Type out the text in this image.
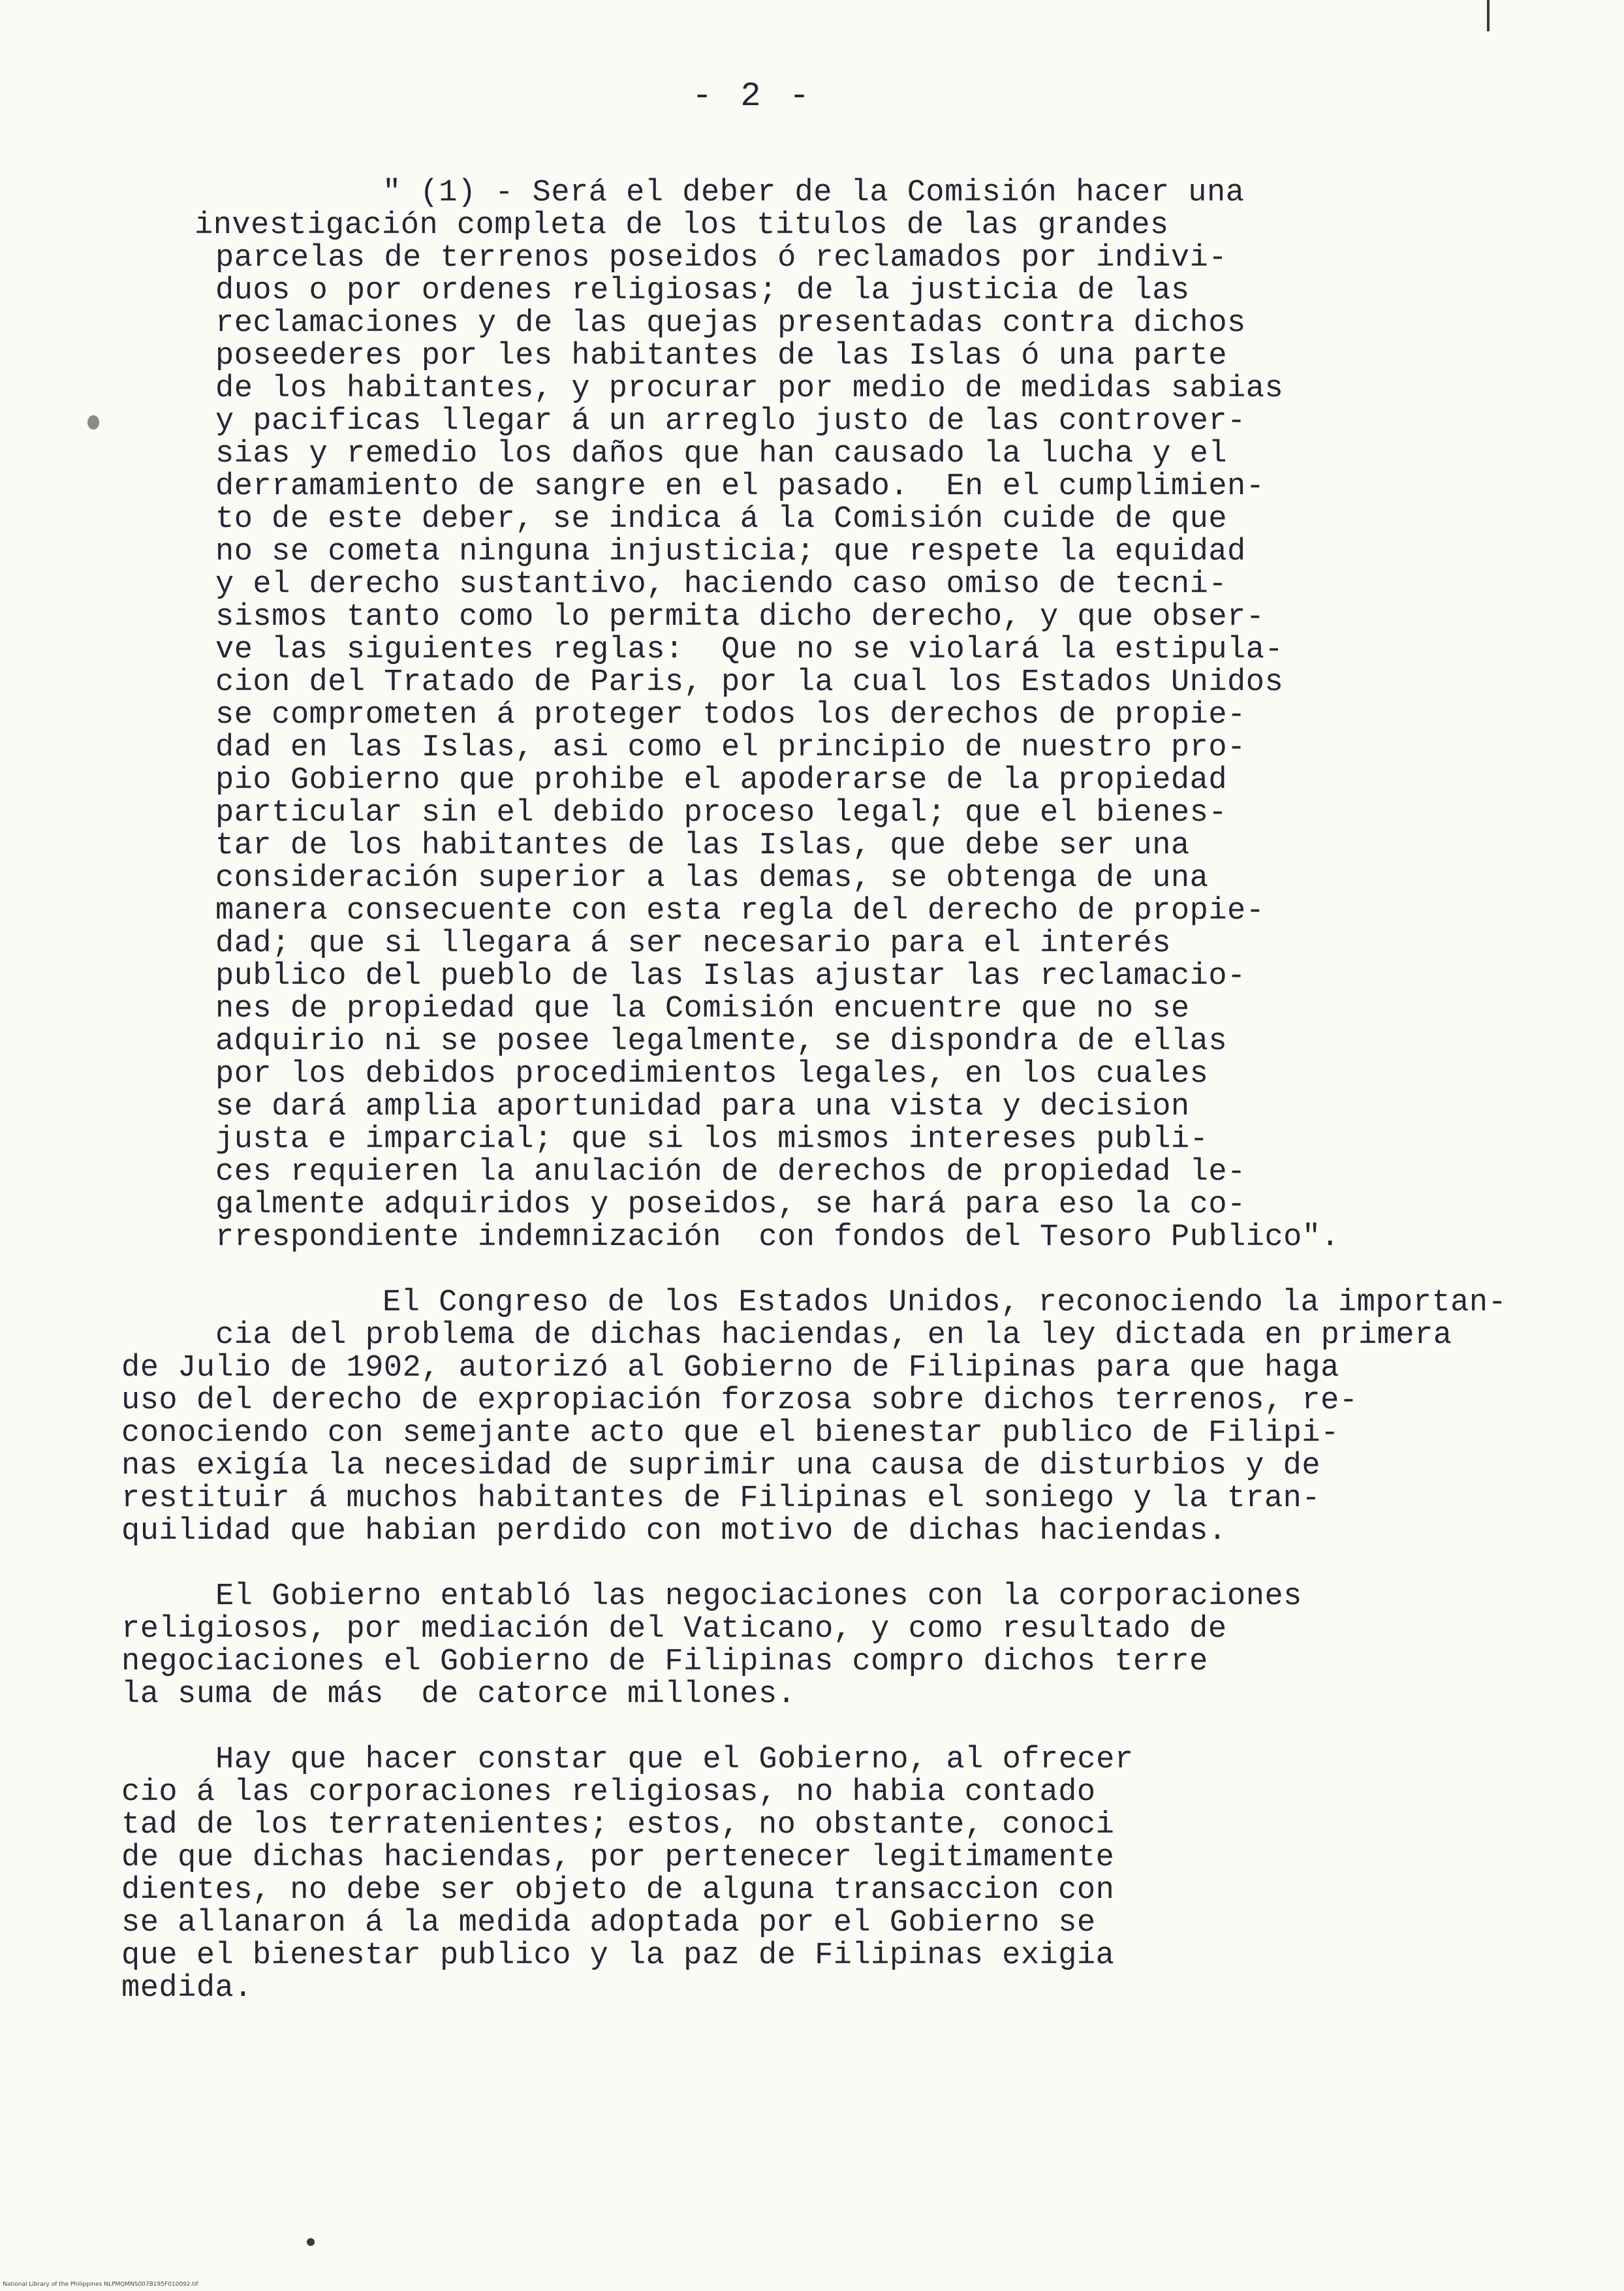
- 2 -
" (1) - Será el deber de la Comisión hacer una
investigación completa de los titulos de las grandes
parcelas de terrenos poseidos ó reclamados por indivi-
duos o por ordenes religiosas; de la justicia de las
reclamaciones y de las quejas presentadas contra dichos
poseederes por les habitantes de las Islas ó una parte
de los habitantes, y procurar por medio de medidas sabias
y pacificas llegar á un arreglo justo de las controver-
sias y remedio los daños que han causado la lucha y el
derramamiento de sangre en el pasado.  En el cumplimien-
to de este deber, se indica á la Comisión cuide de que
no se cometa ninguna injusticia; que respete la equidad
y el derecho sustantivo, haciendo caso omiso de tecni-
sismos tanto como lo permita dicho derecho, y que obser-
ve las siguientes reglas:  Que no se violará la estipula-
cion del Tratado de Paris, por la cual los Estados Unidos
se comprometen á proteger todos los derechos de propie-
dad en las Islas, asi como el principio de nuestro pro-
pio Gobierno que prohibe el apoderarse de la propiedad
particular sin el debido proceso legal; que el bienes-
tar de los habitantes de las Islas, que debe ser una
consideración superior a las demas, se obtenga de una
manera consecuente con esta regla del derecho de propie-
dad; que si llegara á ser necesario para el interés
publico del pueblo de las Islas ajustar las reclamacio-
nes de propiedad que la Comisión encuentre que no se
adquirio ni se posee legalmente, se dispondra de ellas
por los debidos procedimientos legales, en los cuales
se dará amplia aportunidad para una vista y decision
justa e imparcial; que si los mismos intereses publi-
ces requieren la anulación de derechos de propiedad le-
galmente adquiridos y poseidos, se hará para eso la co-
rrespondiente indemnización  con fondos del Tesoro Publico".
El Congreso de los Estados Unidos, reconociendo la importan-
cia del problema de dichas haciendas, en la ley dictada en primera
de Julio de 1902, autorizó al Gobierno de Filipinas para que haga
uso del derecho de expropiación forzosa sobre dichos terrenos, re-
conociendo con semejante acto que el bienestar publico de Filipi-
nas exigía la necesidad de suprimir una causa de disturbios y de
restituir á muchos habitantes de Filipinas el soniego y la tran-
quilidad que habian perdido con motivo de dichas haciendas.
El Gobierno entabló las negociaciones con la corporaciones
religiosos, por mediación del Vaticano, y como resultado de
negociaciones el Gobierno de Filipinas compro dichos terre
la suma de más  de catorce millones.
Hay que hacer constar que el Gobierno, al ofrecer
cio á las corporaciones religiosas, no habia contado
tad de los terratenientes; estos, no obstante, conoci
de que dichas haciendas, por pertenecer legitimamente
dientes, no debe ser objeto de alguna transaccion con
se allanaron á la medida adoptada por el Gobierno se
que el bienestar publico y la paz de Filipinas exigia
medida.
National Library of the Philippines NLPMQMNS007B195F010092.tif
